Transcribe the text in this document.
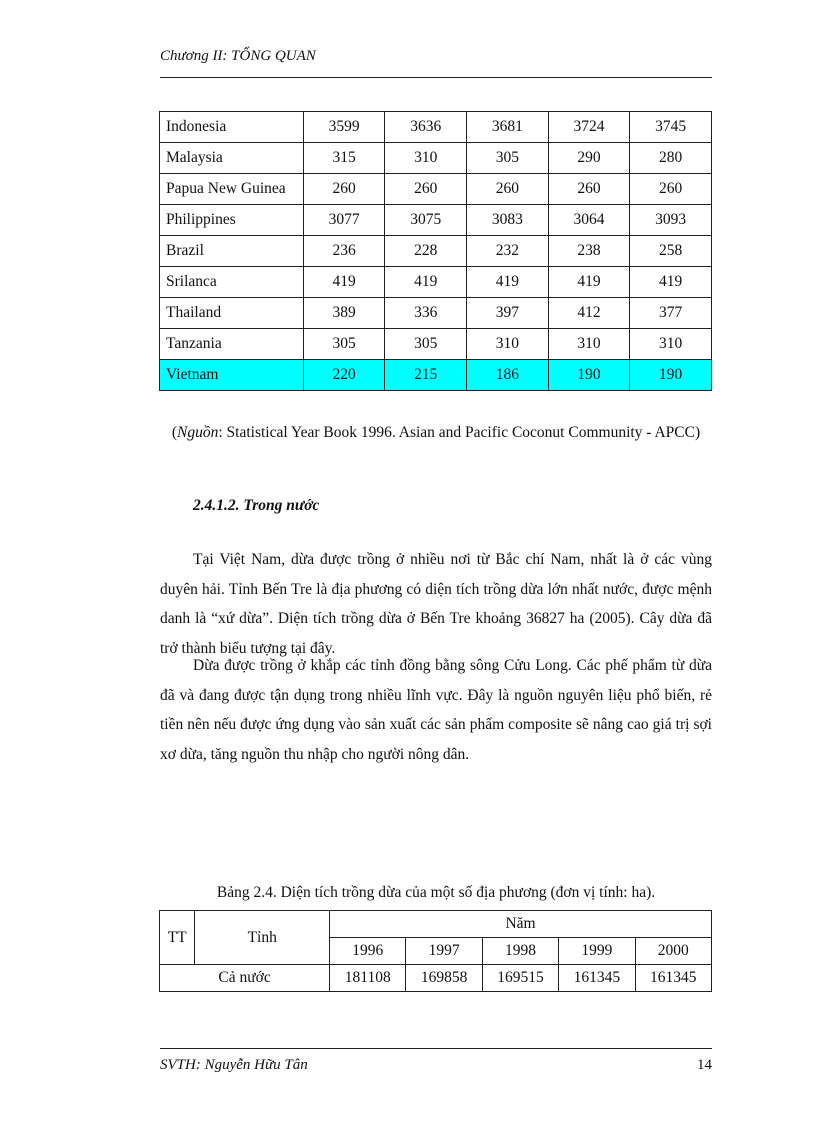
Chương II: TỔNG QUAN
Indonesia	3599	3636	3681	3724	3745
Malaysia	315	310	305	290	280
Papua New Guinea	260	260	260	260	260
Philippines	3077	3075	3083	3064	3093
Brazil	236	228	232	238	258
Srilanca	419	419	419	419	419
Thailand	389	336	397	412	377
Tanzania	305	305	310	310	310
Vietnam	220	215	186	190	190
(Nguồn: Statistical Year Book 1996. Asian and Pacific Coconut Community - APCC)
2.4.1.2. Trong nước

Tại Việt Nam, dừa được trồng ở nhiều nơi từ Bắc chí Nam, nhất là ở các vùng duyên hải. Tỉnh Bến Tre là địa phương có diện tích trồng dừa lớn nhất nước, được mệnh danh là “xứ dừa”. Diện tích trồng dừa ở Bến Tre khoảng 36827 ha (2005). Cây dừa đã trở thành biểu tượng tại đây.

Dừa được trồng ở khắp các tỉnh đồng bằng sông Cửu Long. Các phế phẩm từ dừa đã và đang được tận dụng trong nhiều lĩnh vực. Đây là nguồn nguyên liệu phổ biến, rẻ tiền nên nếu được ứng dụng vào sản xuất các sản phẩm composite sẽ nâng cao giá trị sợi xơ dừa, tăng nguồn thu nhập cho người nông dân.

Bảng 2.4. Diện tích trồng dừa của một số địa phương (đơn vị tính: ha).
TT	Tỉnh	Năm				
		1996	1997	1998	1999	2000
Cả nước		181108	169858	169515	161345	161345
SVTH: Nguyễn Hữu Tân	14
